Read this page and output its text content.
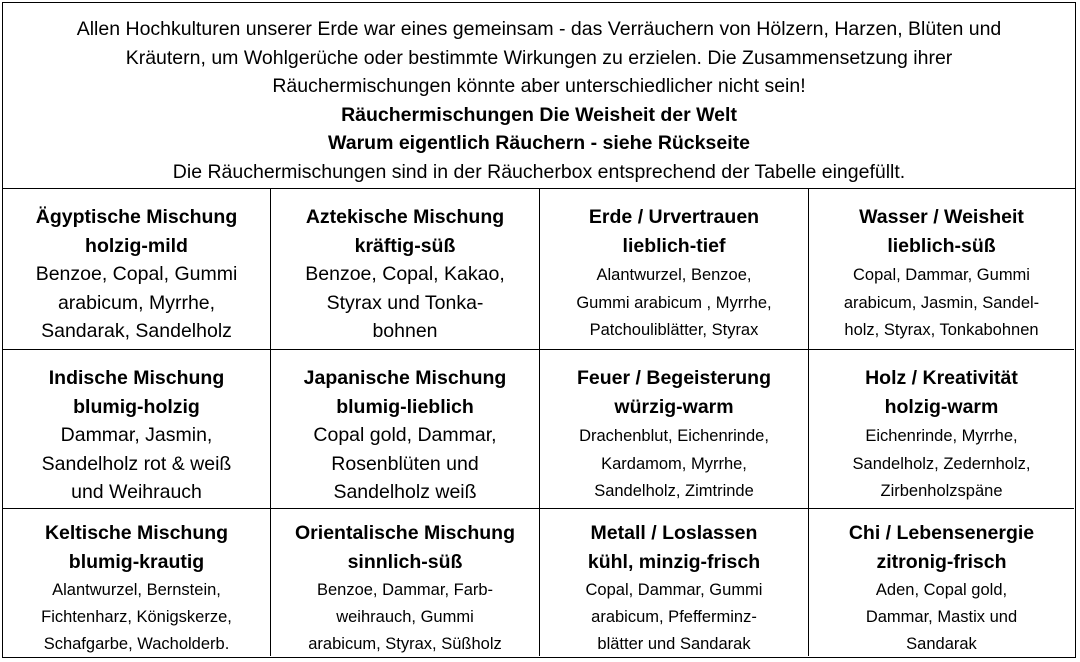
Allen Hochkulturen unserer Erde war eines gemeinsam - das Verräuchern von Hölzern, Harzen, Blüten und
Kräutern, um Wohlgerüche oder bestimmte Wirkungen zu erzielen. Die Zusammensetzung ihrer
Räuchermischungen könnte aber unterschiedlicher nicht sein!
Räuchermischungen Die Weisheit der Welt
Warum eigentlich Räuchern - siehe Rückseite
Die Räuchermischungen sind in der Räucherbox entsprechend der Tabelle eingefüllt.
Ägyptische Mischung
holzig-mild
Benzoe, Copal, Gummi
arabicum, Myrrhe,
Sandarak, Sandelholz
Aztekische Mischung
kräftig-süß
Benzoe, Copal, Kakao,
Styrax und Tonka-
bohnen
Erde / Urvertrauen
lieblich-tief
Alantwurzel, Benzoe,
Gummi arabicum , Myrrhe,
Patchouliblätter, Styrax
Wasser / Weisheit
lieblich-süß
Copal, Dammar, Gummi
arabicum, Jasmin, Sandel-
holz, Styrax, Tonkabohnen
Indische Mischung
blumig-holzig
Dammar, Jasmin,
Sandelholz rot & weiß
und Weihrauch
Japanische Mischung
blumig-lieblich
Copal gold, Dammar,
Rosenblüten und
Sandelholz weiß
Feuer / Begeisterung
würzig-warm
Drachenblut, Eichenrinde,
Kardamom, Myrrhe,
Sandelholz, Zimtrinde
Holz / Kreativität
holzig-warm
Eichenrinde, Myrrhe,
Sandelholz, Zedernholz,
Zirbenholzspäne
Keltische Mischung
blumig-krautig
Alantwurzel, Bernstein,
Fichtenharz, Königskerze,
Schafgarbe, Wacholderb.
Orientalische Mischung
sinnlich-süß
Benzoe, Dammar, Farb-
weihrauch, Gummi
arabicum, Styrax, Süßholz
Metall / Loslassen
kühl, minzig-frisch
Copal, Dammar, Gummi
arabicum, Pfefferminz-
blätter und Sandarak
Chi / Lebensenergie
zitronig-frisch
Aden, Copal gold,
Dammar, Mastix und
Sandarak
